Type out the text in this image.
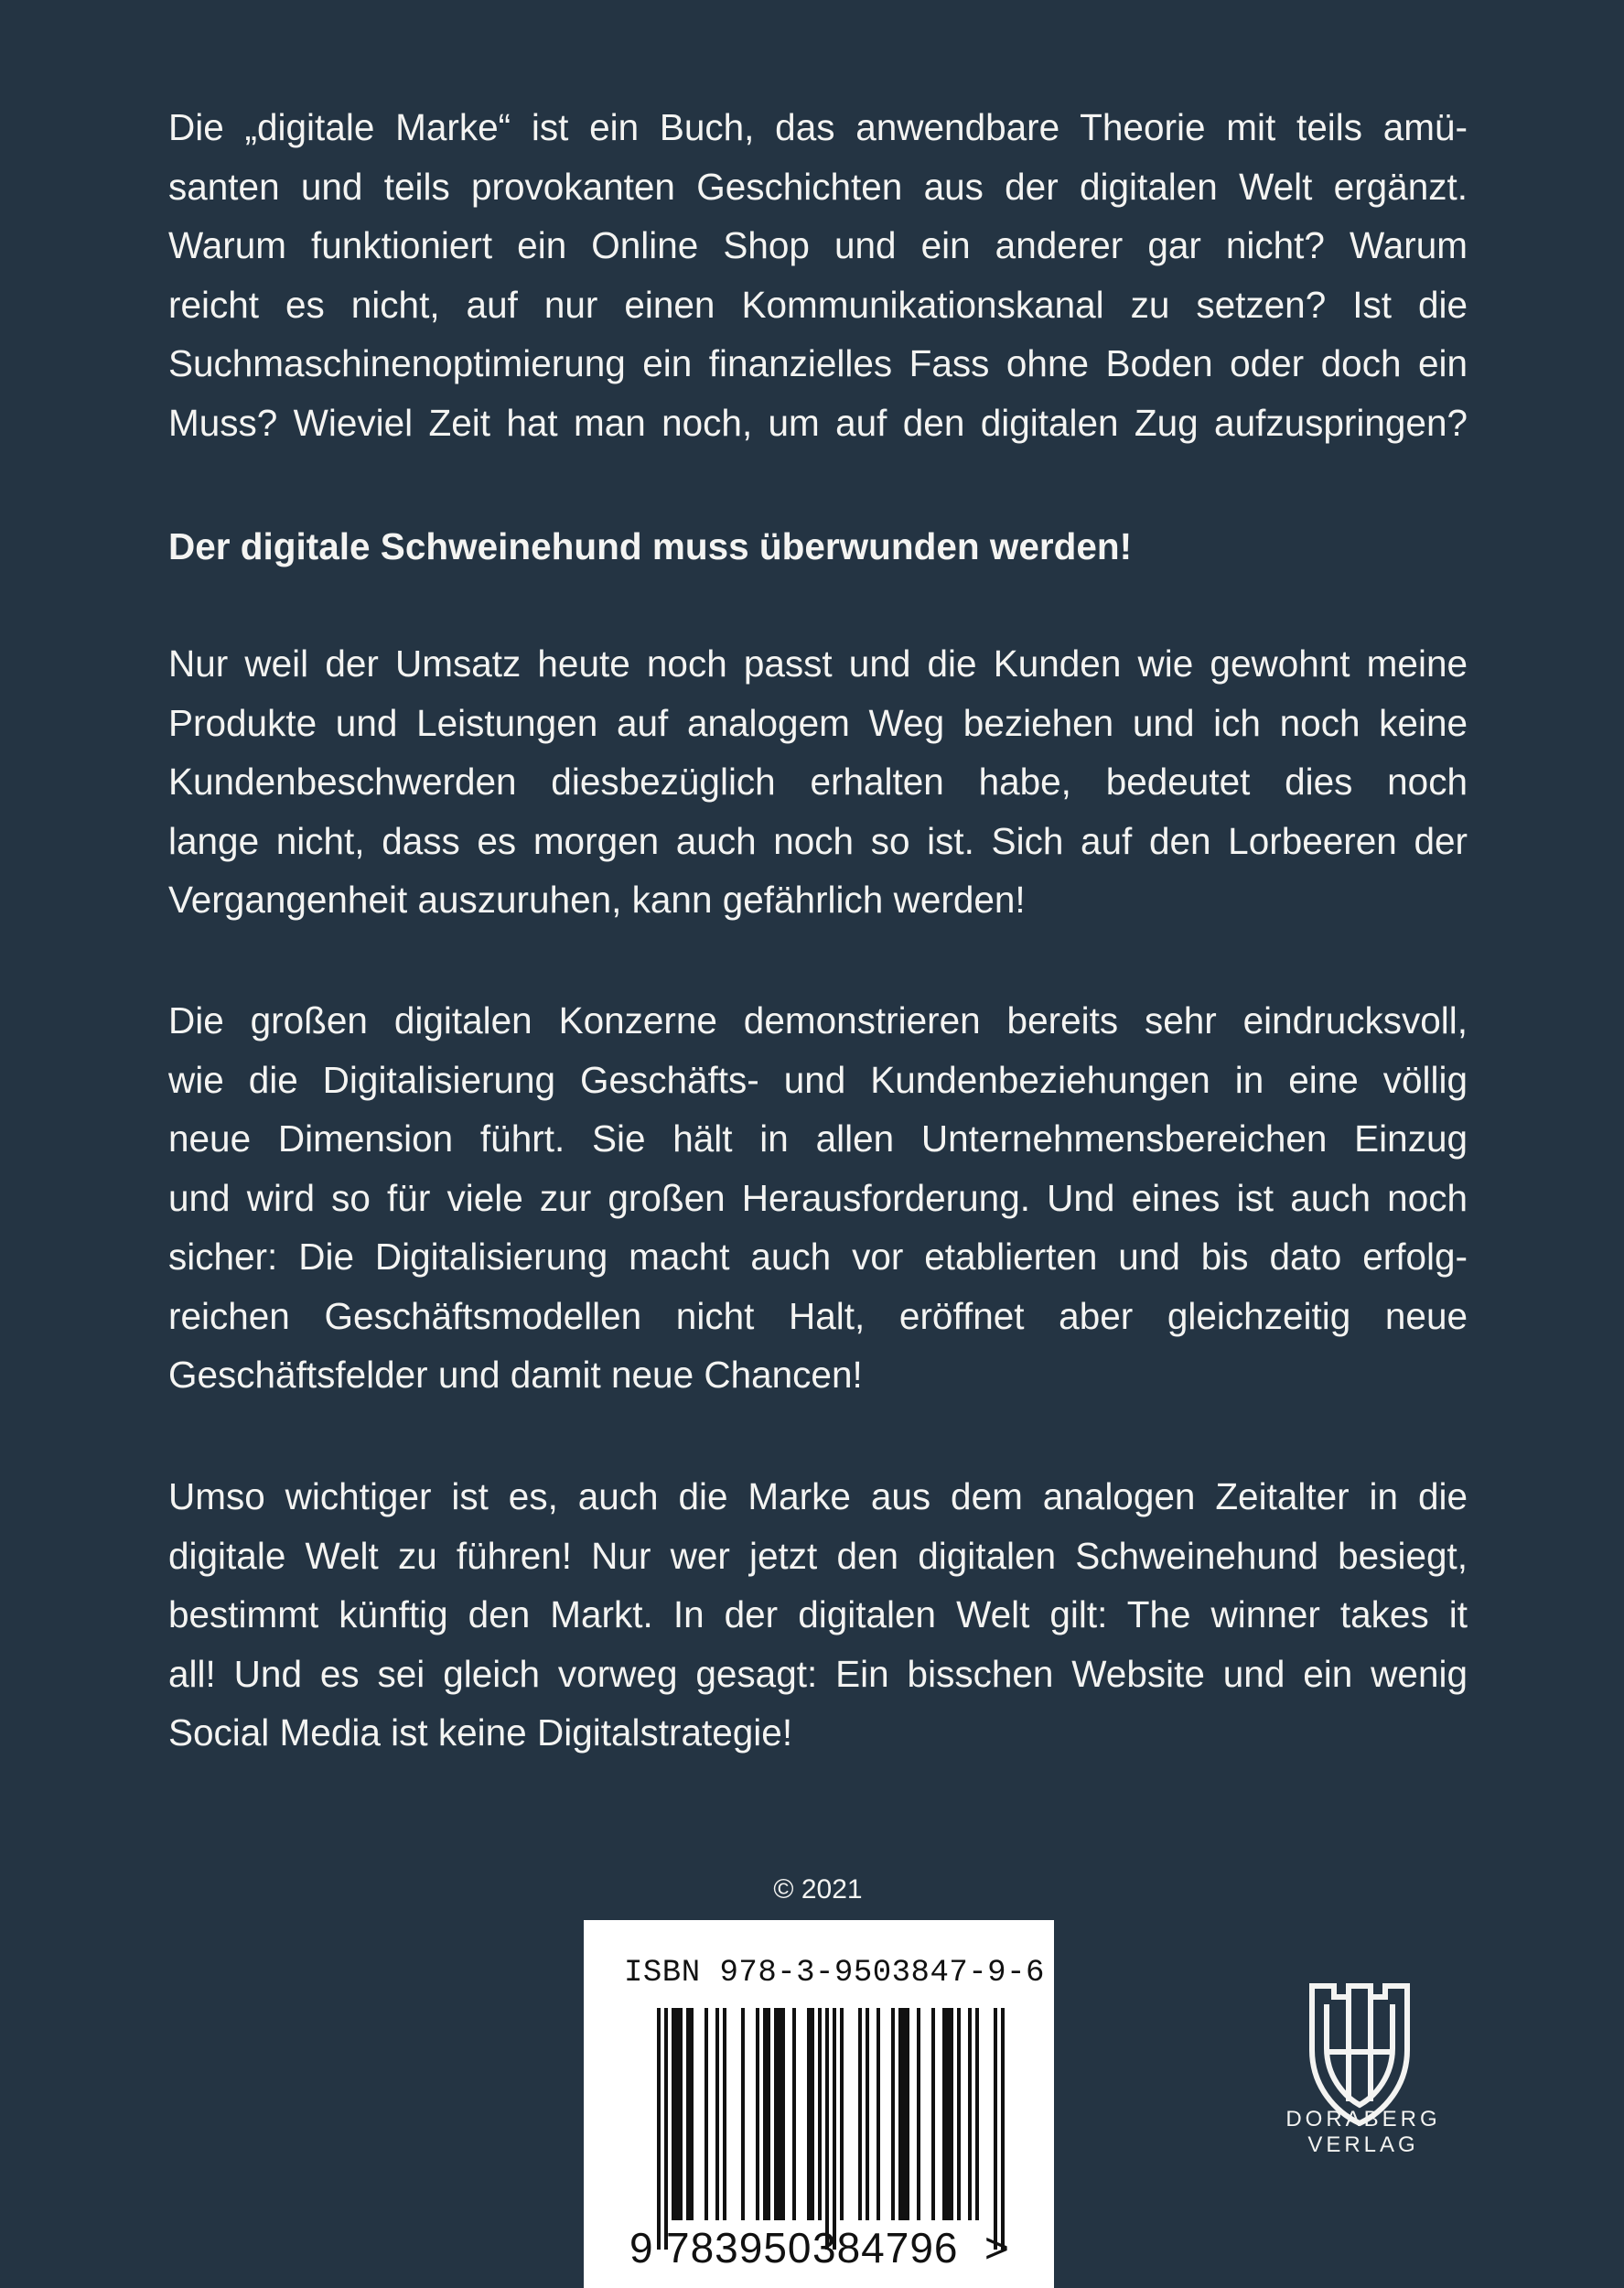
Die „digitale Marke“ ist ein Buch, das anwendbare Theorie mit teils amü-
santen und teils provokanten Geschichten aus der digitalen Welt ergänzt.
Warum funktioniert ein Online Shop und ein anderer gar nicht? Warum
reicht es nicht, auf nur einen Kommunikationskanal zu setzen? Ist die
Suchmaschinenoptimierung ein finanzielles Fass ohne Boden oder doch ein
Muss? Wieviel Zeit hat man noch, um auf den digitalen Zug aufzuspringen?

Der digitale Schweinehund muss überwunden werden!

Nur weil der Umsatz heute noch passt und die Kunden wie gewohnt meine
Produkte und Leistungen auf analogem Weg beziehen und ich noch keine
Kundenbeschwerden diesbezüglich erhalten habe, bedeutet dies noch
lange nicht, dass es morgen auch noch so ist. Sich auf den Lorbeeren der
Vergangenheit auszuruhen, kann gefährlich werden!

Die großen digitalen Konzerne demonstrieren bereits sehr eindrucksvoll,
wie die Digitalisierung Geschäfts- und Kundenbeziehungen in eine völlig
neue Dimension führt. Sie hält in allen Unternehmensbereichen Einzug
und wird so für viele zur großen Herausforderung. Und eines ist auch noch
sicher: Die Digitalisierung macht auch vor etablierten und bis dato erfolg-
reichen Geschäftsmodellen nicht Halt, eröffnet aber gleichzeitig neue
Geschäftsfelder und damit neue Chancen!

Umso wichtiger ist es, auch die Marke aus dem analogen Zeitalter in die
digitale Welt zu führen! Nur wer jetzt den digitalen Schweinehund besiegt,
bestimmt künftig den Markt. In der digitalen Welt gilt: The winner takes it
all! Und es sei gleich vorweg gesagt: Ein bisschen Website und ein wenig
Social Media ist keine Digitalstrategie!

© 2021
ISBN 978-3-9503847-9-6
9 783950 384796 >
DORABERG
VERLAG
